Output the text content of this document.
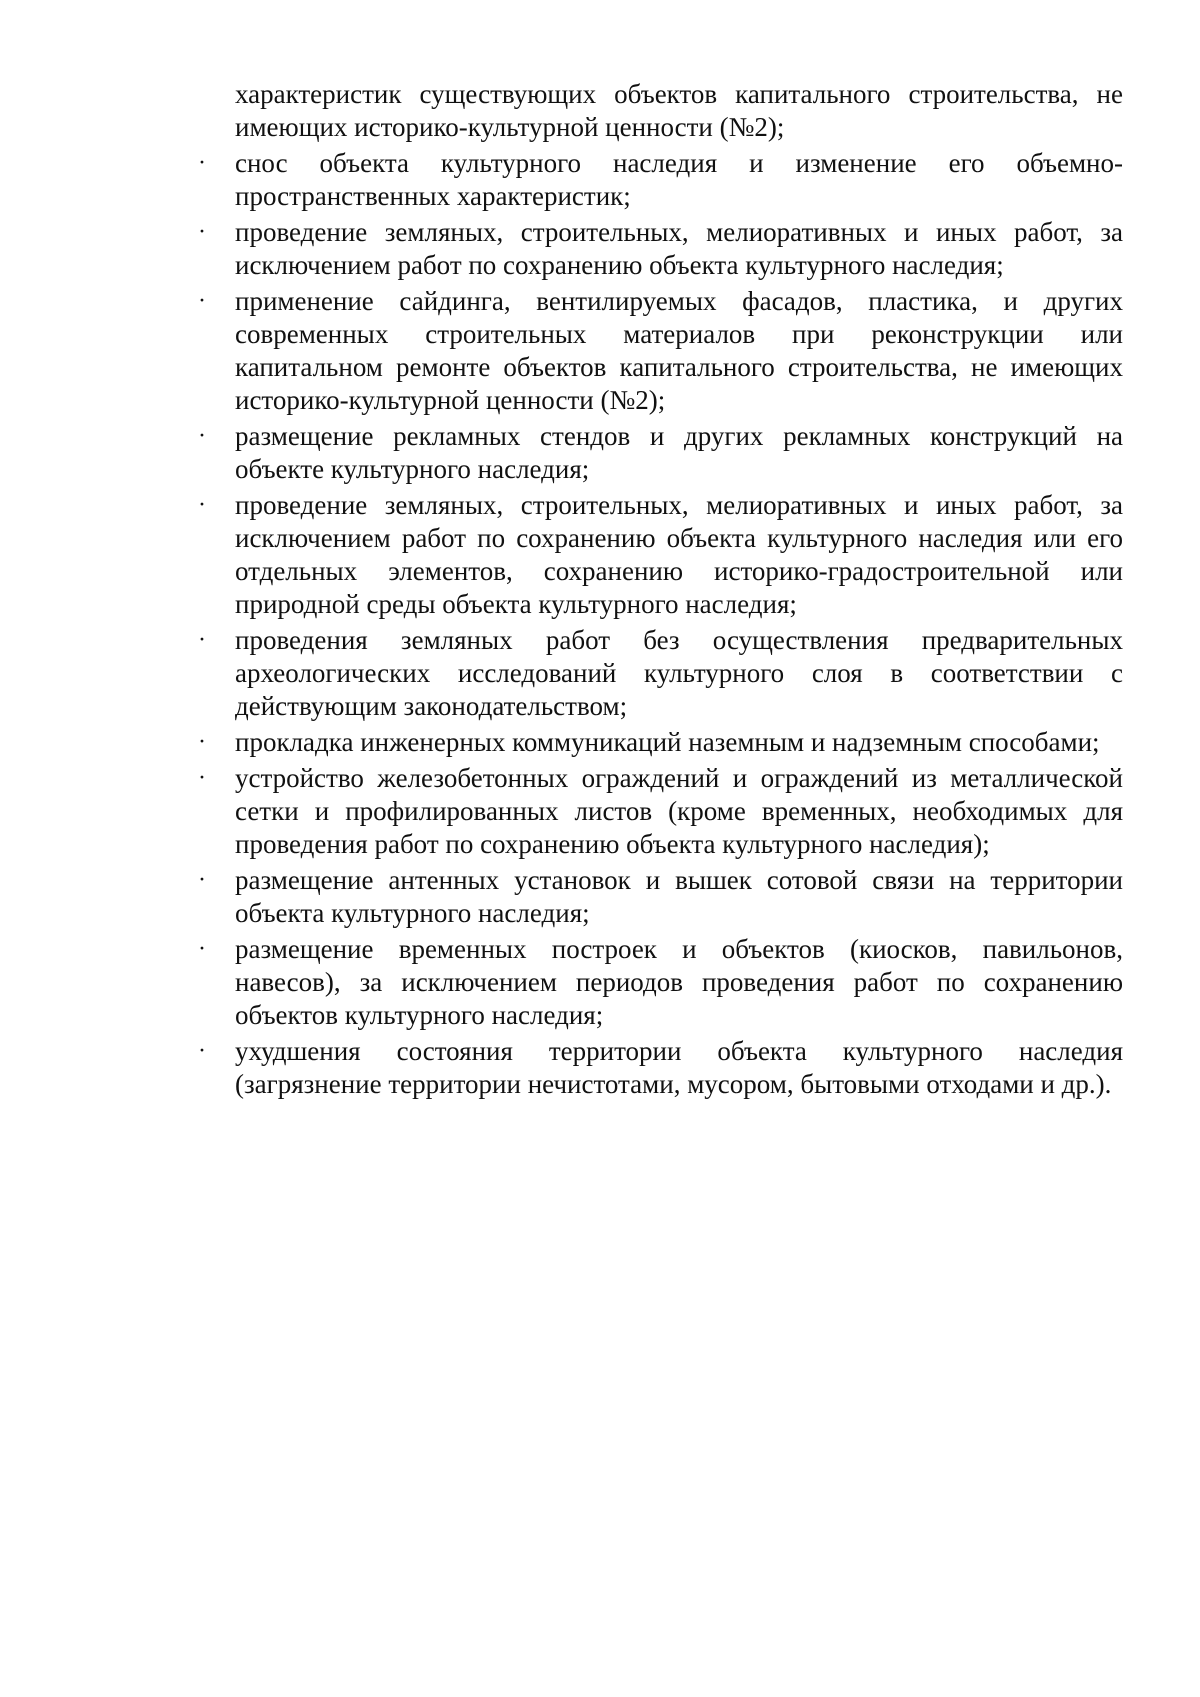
характеристик существующих объектов капитального строительства, не имеющих историко-культурной ценности (№2);

· снос объекта культурного наследия и изменение его объемно-пространственных характеристик;
· проведение земляных, строительных, мелиоративных и иных работ, за исключением работ по сохранению объекта культурного наследия;
· применение сайдинга, вентилируемых фасадов, пластика, и других современных строительных материалов при реконструкции или капитальном ремонте объектов капитального строительства, не имеющих историко-культурной ценности (№2);
· размещение рекламных стендов и других рекламных конструкций на объекте культурного наследия;
· проведение земляных, строительных, мелиоративных и иных работ, за исключением работ по сохранению объекта культурного наследия или его отдельных элементов, сохранению историко-градостроительной или природной среды объекта культурного наследия;
· проведения земляных работ без осуществления предварительных археологических исследований культурного слоя в соответствии с действующим законодательством;
· прокладка инженерных коммуникаций наземным и надземным способами;
· устройство железобетонных ограждений и ограждений из металлической сетки и профилированных листов (кроме временных, необходимых для проведения работ по сохранению объекта культурного наследия);
· размещение антенных установок и вышек сотовой связи на территории объекта культурного наследия;
· размещение временных построек и объектов (киосков, павильонов, навесов), за исключением периодов проведения работ по сохранению объектов культурного наследия;
· ухудшения состояния территории объекта культурного наследия (загрязнение территории нечистотами, мусором, бытовыми отходами и др.).
